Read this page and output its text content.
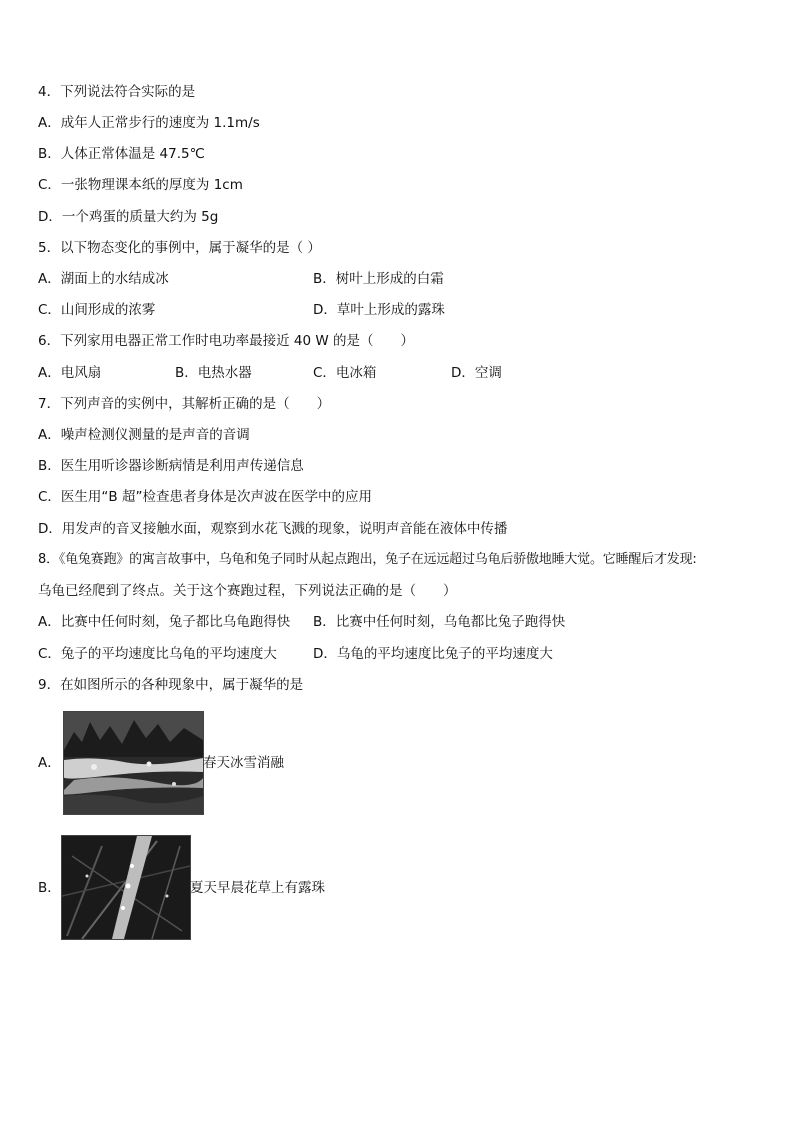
4．下列说法符合实际的是
A．成年人正常步行的速度为 1.1m/s
B．人体正常体温是 47.5℃
C．一张物理课本纸的厚度为 1cm
D．一个鸡蛋的质量大约为 5g
5．以下物态变化的事例中，属于凝华的是（ ）
A．湖面上的水结成冰	B．树叶上形成的白霜
C．山间形成的浓雾	D．草叶上形成的露珠
6．下列家用电器正常工作时电功率最接近 40 W 的是（　　）
A．电风扇	B．电热水器	C．电冰箱	D．空调
7．下列声音的实例中，其解析正确的是（　　）
A．噪声检测仪测量的是声音的音调
B．医生用听诊器诊断病情是利用声传递信息
C．医生用“B 超”检查患者身体是次声波在医学中的应用
D．用发声的音叉接触水面，观察到水花飞溅的现象，说明声音能在液体中传播
8．《龟兔赛跑》的寓言故事中，乌龟和兔子同时从起点跑出，兔子在远远超过乌龟后骄傲地睡大觉。它睡醒后才发现:
乌龟已经爬到了终点。关于这个赛跑过程，下列说法正确的是（　　）
A．比赛中任何时刻，兔子都比乌龟跑得快 B．比赛中任何时刻，乌龟都比兔子跑得快
C．兔子的平均速度比乌龟的平均速度大	D．乌龟的平均速度比兔子的平均速度大
9．在如图所示的各种现象中，属于凝华的是
A．	春天冰雪消融
B．	夏天早晨花草上有露珠
